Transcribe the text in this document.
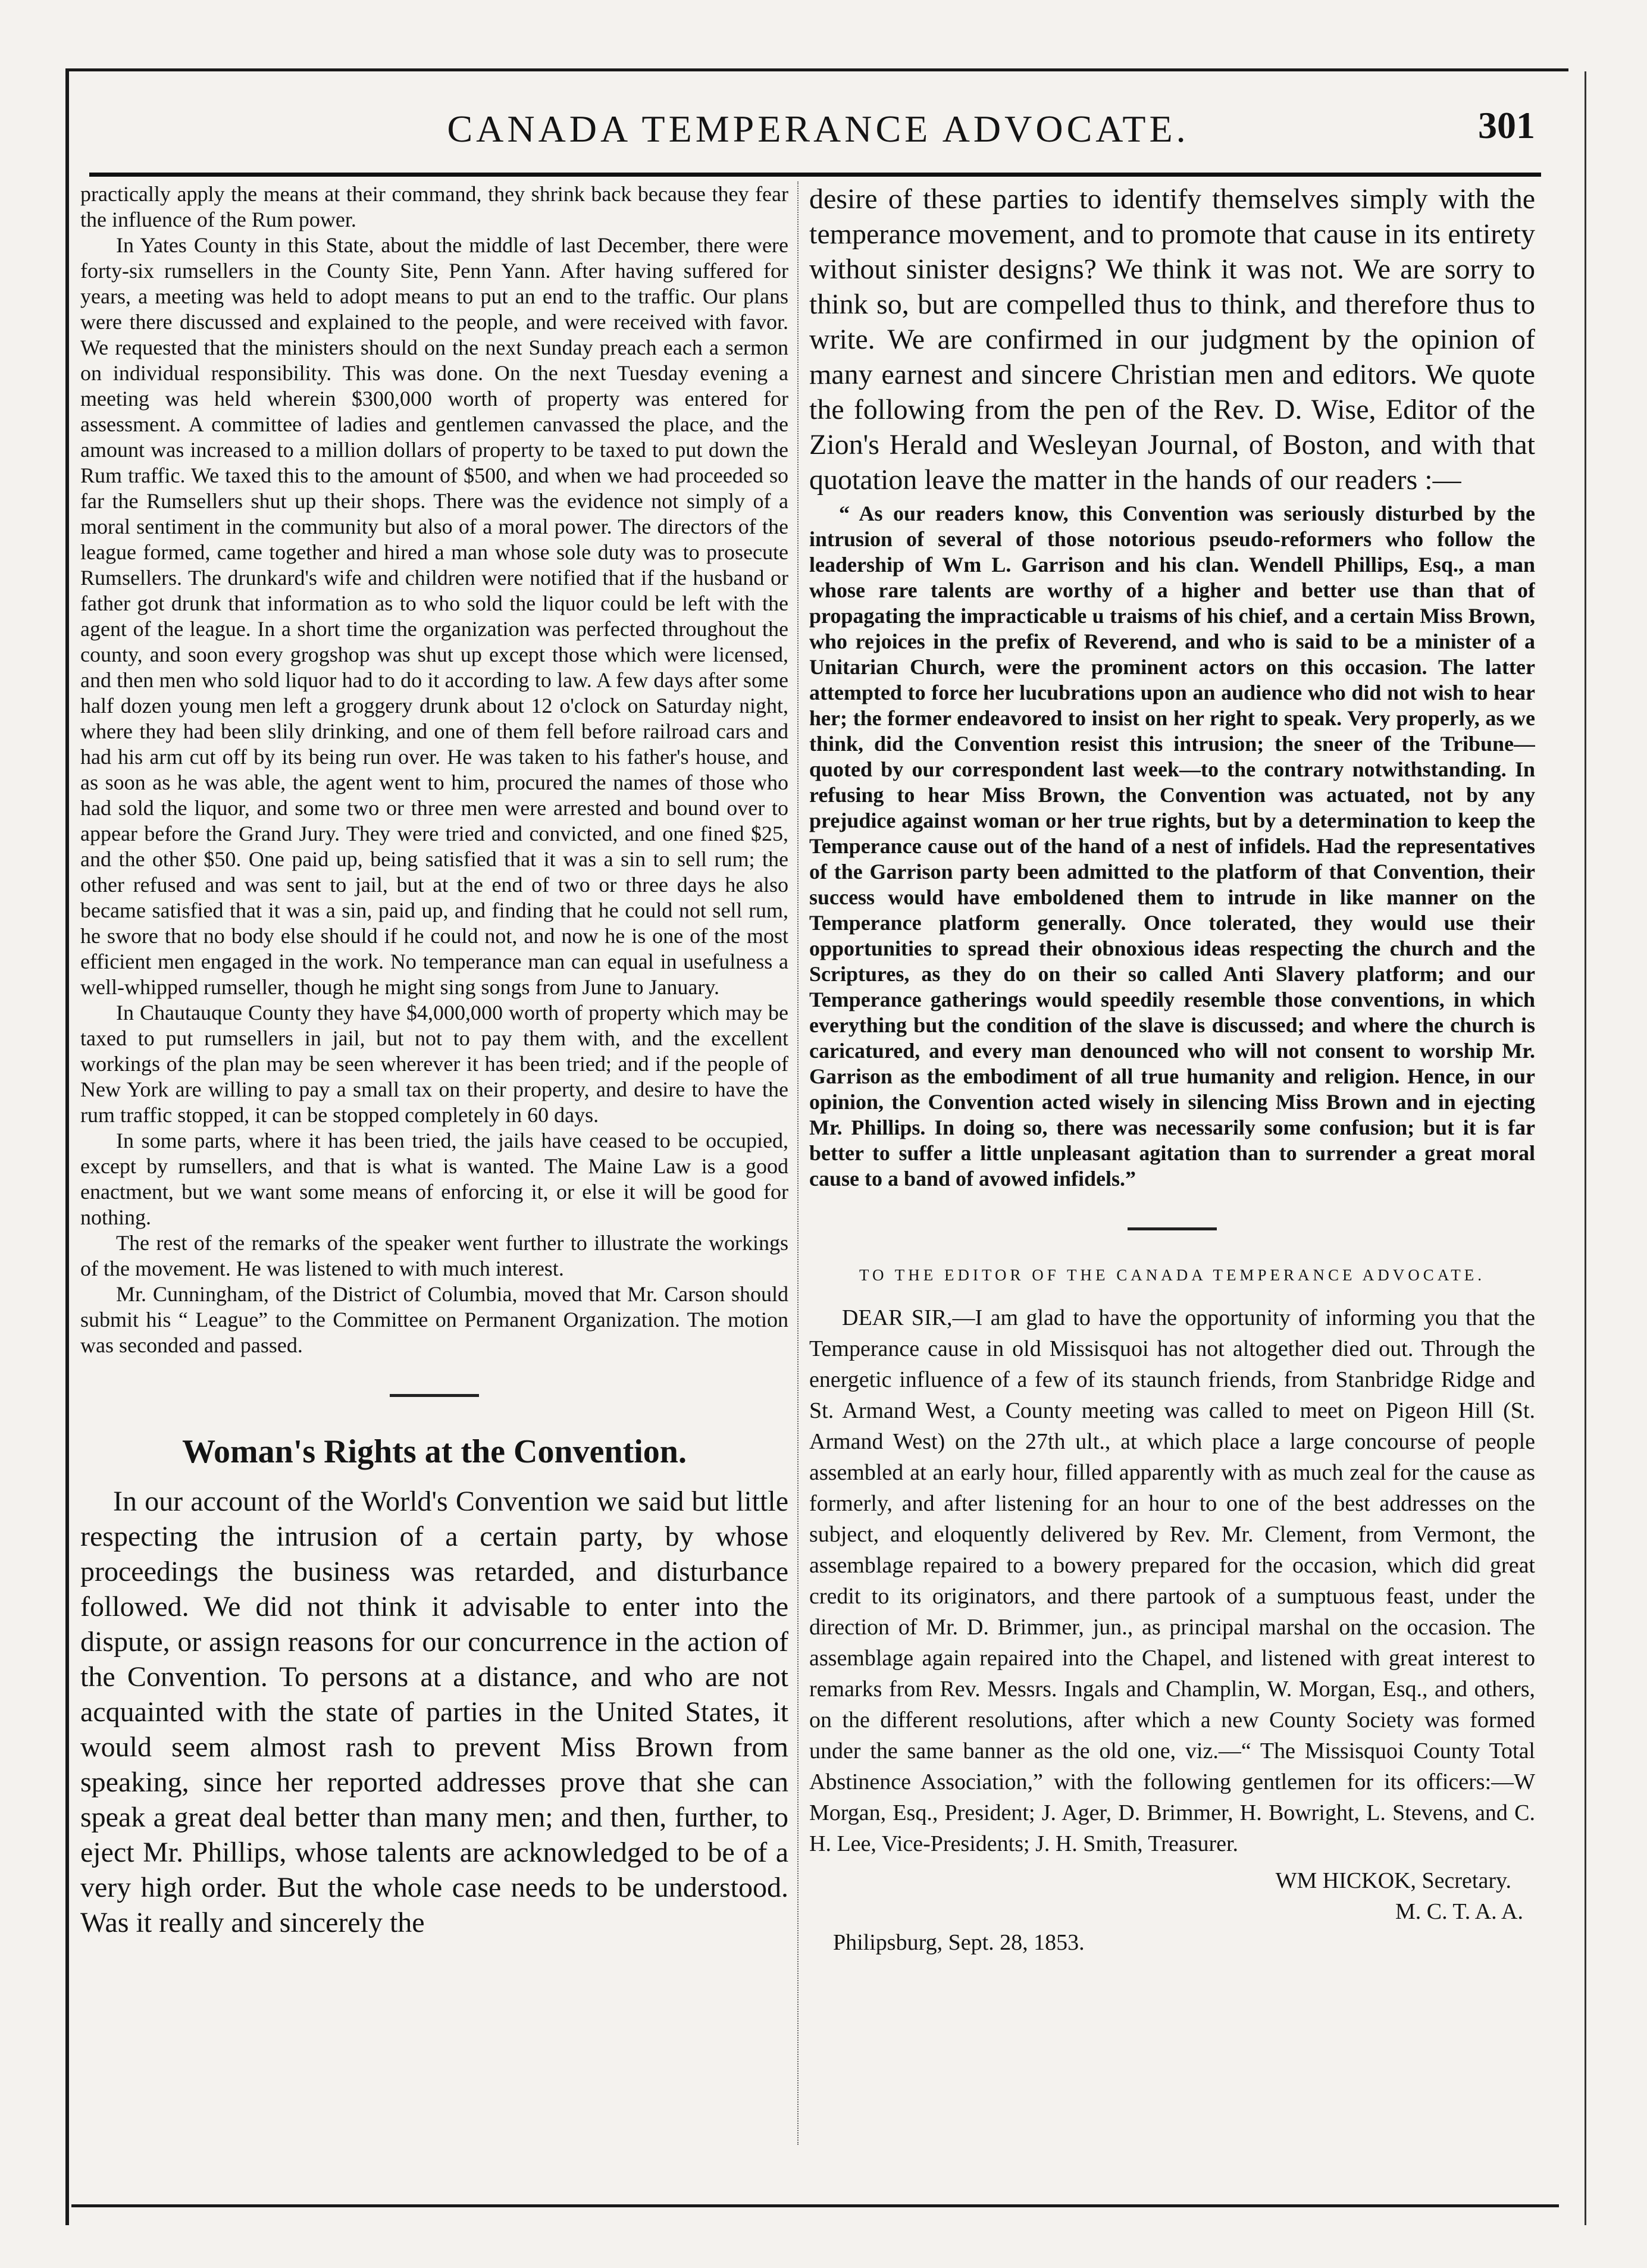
CANADA TEMPERANCE ADVOCATE.	301

practically apply the means at their command, they shrink back because they fear the influence of the Rum power.

In Yates County in this State, about the middle of last December, there were forty-six rumsellers in the County Site, Penn Yann. After having suffered for years, a meeting was held to adopt means to put an end to the traffic. Our plans were there discussed and explained to the people, and were received with favor. We requested that the ministers should on the next Sunday preach each a sermon on individual responsibility. This was done. On the next Tuesday evening a meeting was held wherein $300,000 worth of property was entered for assessment. A committee of ladies and gentlemen canvassed the place, and the amount was increased to a million dollars of property to be taxed to put down the Rum traffic. We taxed this to the amount of $500, and when we had proceeded so far the Rumsellers shut up their shops. There was the evidence not simply of a moral sentiment in the community but also of a moral power. The directors of the league formed, came together and hired a man whose sole duty was to prosecute Rumsellers. The drunkard's wife and children were notified that if the husband or father got drunk that information as to who sold the liquor could be left with the agent of the league. In a short time the organization was perfected throughout the county, and soon every grogshop was shut up except those which were licensed, and then men who sold liquor had to do it according to law. A few days after some half dozen young men left a groggery drunk about 12 o'clock on Saturday night, where they had been slily drinking, and one of them fell before railroad cars and had his arm cut off by its being run over. He was taken to his father's house, and as soon as he was able, the agent went to him, procured the names of those who had sold the liquor, and some two or three men were arrested and bound over to appear before the Grand Jury. They were tried and convicted, and one fined $25, and the other $50. One paid up, being satisfied that it was a sin to sell rum; the other refused and was sent to jail, but at the end of two or three days he also became satisfied that it was a sin, paid up, and finding that he could not sell rum, he swore that no body else should if he could not, and now he is one of the most efficient men engaged in the work. No temperance man can equal in usefulness a well-whipped rumseller, though he might sing songs from June to January.

In Chautauque County they have $4,000,000 worth of property which may be taxed to put rumsellers in jail, but not to pay them with, and the excellent workings of the plan may be seen wherever it has been tried; and if the people of New York are willing to pay a small tax on their property, and desire to have the rum traffic stopped, it can be stopped completely in 60 days.

In some parts, where it has been tried, the jails have ceased to be occupied, except by rumsellers, and that is what is wanted. The Maine Law is a good enactment, but we want some means of enforcing it, or else it will be good for nothing.

The rest of the remarks of the speaker went further to illustrate the workings of the movement. He was listened to with much interest.

Mr. Cunningham, of the District of Columbia, moved that Mr. Carson should submit his “ League” to the Committee on Permanent Organization. The motion was seconded and passed.

Woman's Rights at the Convention.

In our account of the World's Convention we said but little respecting the intrusion of a certain party, by whose proceedings the business was retarded, and disturbance followed. We did not think it advisable to enter into the dispute, or assign reasons for our concurrence in the action of the Convention. To persons at a distance, and who are not acquainted with the state of parties in the United States, it would seem almost rash to prevent Miss Brown from speaking, since her reported addresses prove that she can speak a great deal better than many men; and then, further, to eject Mr. Phillips, whose talents are acknowledged to be of a very high order. But the whole case needs to be understood. Was it really and sincerely the

desire of these parties to identify themselves simply with the temperance movement, and to promote that cause in its entirety without sinister designs? We think it was not. We are sorry to think so, but are compelled thus to think, and therefore thus to write. We are confirmed in our judgment by the opinion of many earnest and sincere Christian men and editors. We quote the following from the pen of the Rev. D. Wise, Editor of the Zion's Herald and Wesleyan Journal, of Boston, and with that quotation leave the matter in the hands of our readers :—

“ As our readers know, this Convention was seriously disturbed by the intrusion of several of those notorious pseudo-reformers who follow the leadership of Wm L. Garrison and his clan. Wendell Phillips, Esq., a man whose rare talents are worthy of a higher and better use than that of propagating the impracticable u traisms of his chief, and a certain Miss Brown, who rejoices in the prefix of Reverend, and who is said to be a minister of a Unitarian Church, were the prominent actors on this occasion. The latter attempted to force her lucubrations upon an audience who did not wish to hear her; the former endeavored to insist on her right to speak. Very properly, as we think, did the Convention resist this intrusion; the sneer of the Tribune—quoted by our correspondent last week—to the contrary notwithstanding. In refusing to hear Miss Brown, the Convention was actuated, not by any prejudice against woman or her true rights, but by a determination to keep the Temperance cause out of the hand of a nest of infidels. Had the representatives of the Garrison party been admitted to the platform of that Convention, their success would have emboldened them to intrude in like manner on the Temperance platform generally. Once tolerated, they would use their opportunities to spread their obnoxious ideas respecting the church and the Scriptures, as they do on their so called Anti Slavery platform; and our Temperance gatherings would speedily resemble those conventions, in which everything but the condition of the slave is discussed; and where the church is caricatured, and every man denounced who will not consent to worship Mr. Garrison as the embodiment of all true humanity and religion. Hence, in our opinion, the Convention acted wisely in silencing Miss Brown and in ejecting Mr. Phillips. In doing so, there was necessarily some confusion; but it is far better to suffer a little unpleasant agitation than to surrender a great moral cause to a band of avowed infidels.”

TO THE EDITOR OF THE CANADA TEMPERANCE ADVOCATE.

DEAR SIR,—I am glad to have the opportunity of informing you that the Temperance cause in old Missisquoi has not altogether died out. Through the energetic influence of a few of its staunch friends, from Stanbridge Ridge and St. Armand West, a County meeting was called to meet on Pigeon Hill (St. Armand West) on the 27th ult., at which place a large concourse of people assembled at an early hour, filled apparently with as much zeal for the cause as formerly, and after listening for an hour to one of the best addresses on the subject, and eloquently delivered by Rev. Mr. Clement, from Vermont, the assemblage repaired to a bowery prepared for the occasion, which did great credit to its originators, and there partook of a sumptuous feast, under the direction of Mr. D. Brimmer, jun., as principal marshal on the occasion. The assemblage again repaired into the Chapel, and listened with great interest to remarks from Rev. Messrs. Ingals and Champlin, W. Morgan, Esq., and others, on the different resolutions, after which a new County Society was formed under the same banner as the old one, viz.—“ The Missisquoi County Total Abstinence Association,” with the following gentlemen for its officers:—W Morgan, Esq., President; J. Ager, D. Brimmer, H. Bowright, L. Stevens, and C. H. Lee, Vice-Presidents; J. H. Smith, Treasurer.

WM HICKOK, Secretary.
M. C. T. A. A.
Philipsburg, Sept. 28, 1853.
